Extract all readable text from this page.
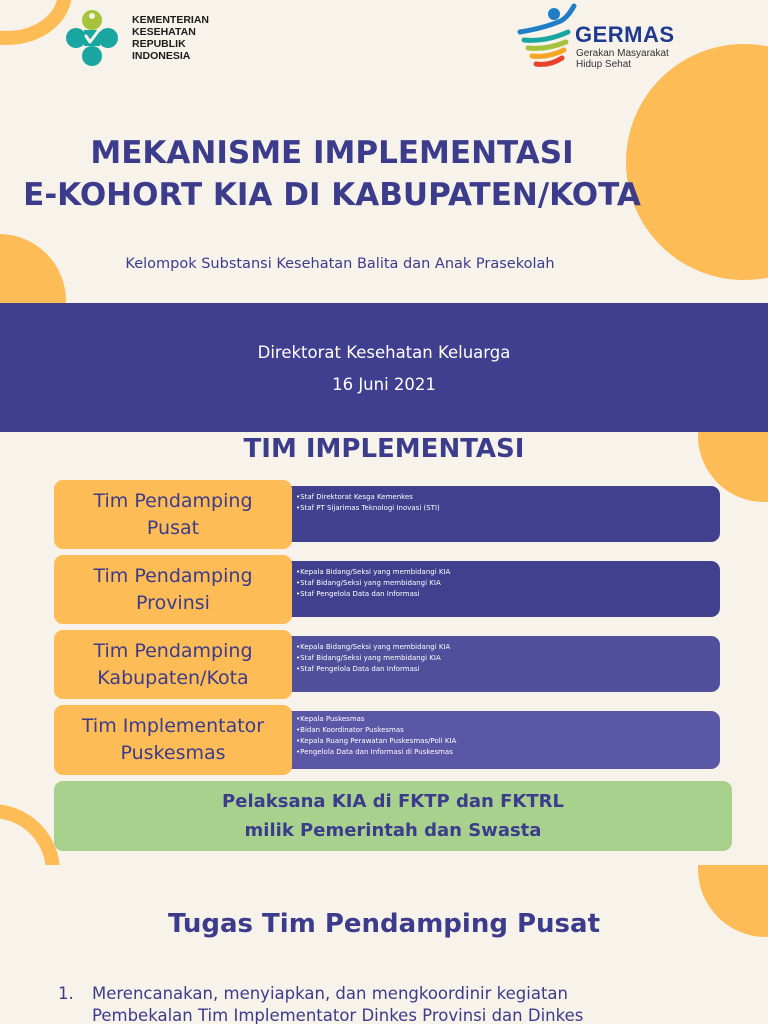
KEMENTERIAN
KESEHATAN
REPUBLIK
INDONESIA
GERMAS
Gerakan Masyarakat
Hidup Sehat
MEKANISME IMPLEMENTASI
E-KOHORT KIA DI KABUPATEN/KOTA
Kelompok Substansi Kesehatan Balita dan Anak Prasekolah
Direktorat Kesehatan Keluarga
16 Juni 2021
TIM IMPLEMENTASI
• Staf Direktorat Kesga Kemenkes
• Staf PT Sijarimas Teknologi Inovasi (STI)
Tim Pendamping
Pusat
• Kepala Bidang/Seksi yang membidangi KIA
• Staf Bidang/Seksi yang membidangi KIA
• Staf Pengelola Data dan Informasi
Tim Pendamping
Provinsi
• Kepala Bidang/Seksi yang membidangi KIA
• Staf Bidang/Seksi yang membidangi KIA
• Staf Pengelola Data dan Informasi
Tim Pendamping
Kabupaten/Kota
• Kepala Puskesmas
• Bidan Koordinator Puskesmas
• Kepala Ruang Perawatan Puskesmas/Poli KIA
• Pengelola Data dan Informasi di Puskesmas
Tim Implementator
Puskesmas
Pelaksana KIA di FKTP dan FKTRL
milik Pemerintah dan Swasta
Tugas Tim Pendamping Pusat
1.	Merencanakan, menyiapkan, dan mengkoordinir kegiatan
Pembekalan Tim Implementator Dinkes Provinsi dan Dinkes
